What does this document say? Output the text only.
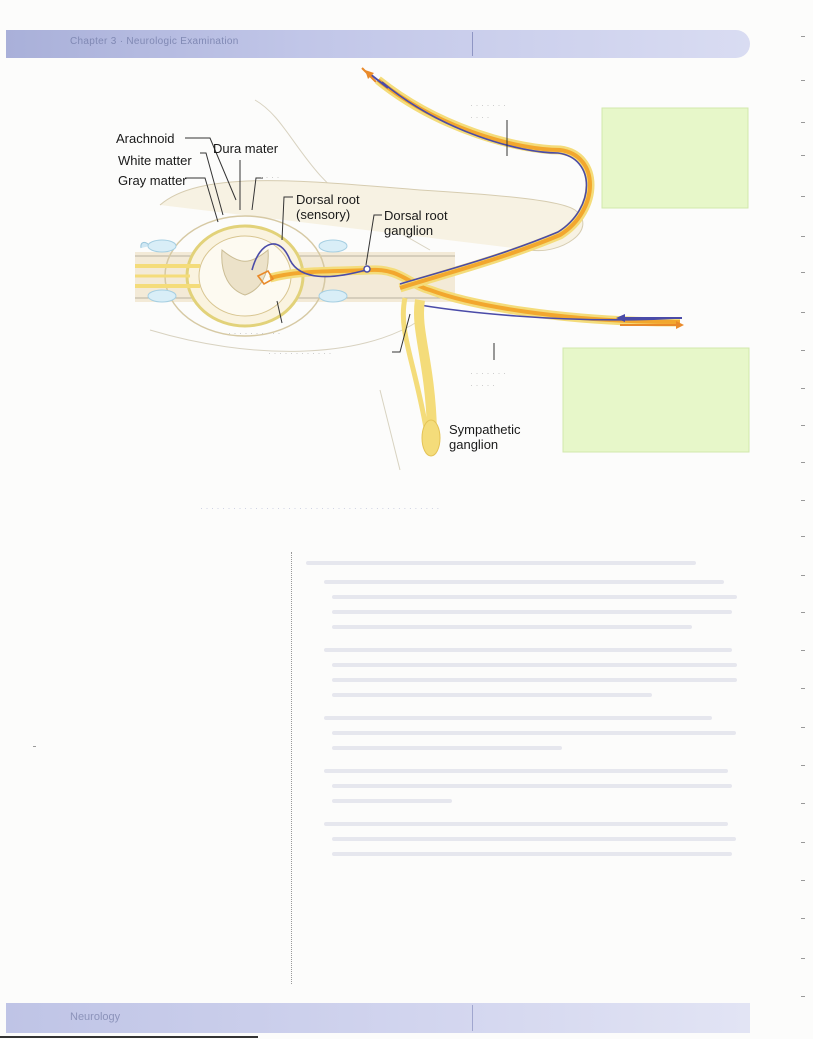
Chapter 3 · Neurologic Examination
Arachnoid
Dura mater
White matter
Gray matter
Dorsal root
(sensory)	Dorsal root
ganglion
Sympathetic
ganglion
· · · ·
· · · · · · ·
· · · ·
· · · · · · · · · ·
· · · · · · · · · · · ·
· · · · · · ·
· · · · ·
· · · · · · · · · · · · · · · · · · · · · · · · · · · · · · · · · · · · · · · · · · · ·
Neurology
